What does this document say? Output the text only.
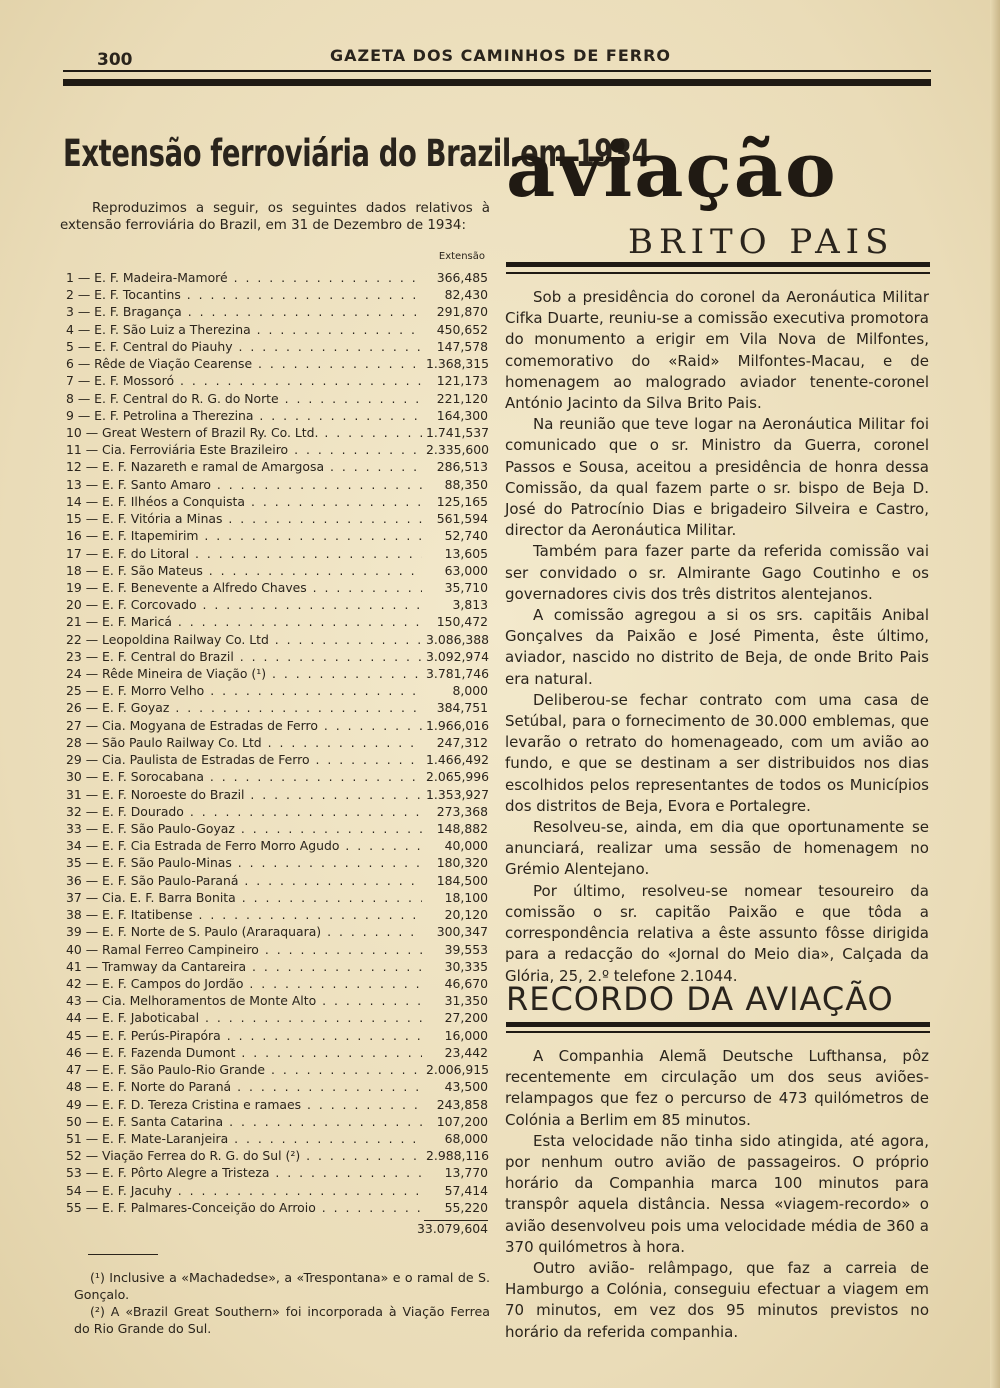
300	GAZETA DOS CAMINHOS DE FERRO
Extensão ferroviária do Brazil em 1934
Reproduzimos a seguir, os seguintes dados relativos à extensão ferroviária do Brazil, em 31 de Dezembro de 1934:
Extensão
1 — E. F. Madeira-Mamoré . . .	366,485
2 — E. F. Tocantins . . .	82,430
3 — E. F. Bragança . . .	291,870
4 — E. F. São Luiz a Therezina . . .	450,652
5 — E. F. Central do Piauhy . . .	147,578
6 — Rêde de Viação Cearense . . .	1.368,315
7 — E. F. Mossoró . . .	121,173
8 — E. F. Central do R. G. do Norte . . .	221,120
9 — E. F. Petrolina a Therezina . . .	164,300
10 — Great Western of Brazil Ry. Co. Ltd. . . .	1.741,537
11 — Cia. Ferroviária Este Brazileiro . . .	2.335,600
12 — E. F. Nazareth e ramal de Amargosa . . .	286,513
13 — E. F. Santo Amaro . . .	88,350
14 — E. F. Ilhéos a Conquista . . .	125,165
15 — E. F. Vitória a Minas . . .	561,594
16 — E. F. Itapemirim . . .	52,740
17 — E. F. do Litoral . . .	13,605
18 — E. F. São Mateus . . .	63,000
19 — E. F. Benevente a Alfredo Chaves . . .	35,710
20 — E. F. Corcovado . . .	3,813
21 — E. F. Maricá . . .	150,472
22 — Leopoldina Railway Co. Ltd . . .	3.086,388
23 — E. F. Central do Brazil . . .	3.092,974
24 — Rêde Mineira de Viação (¹) . . .	3.781,746
25 — E. F. Morro Velho . . .	8,000
26 — E. F. Goyaz . . .	384,751
27 — Cia. Mogyana de Estradas de Ferro . . .	1.966,016
28 — São Paulo Railway Co. Ltd . . .	247,312
29 — Cia. Paulista de Estradas de Ferro . . .	1.466,492
30 — E. F. Sorocabana . . .	2.065,996
31 — E. F. Noroeste do Brazil . . .	1.353,927
32 — E. F. Dourado . . .	273,368
33 — E. F. São Paulo-Goyaz . . .	148,882
34 — E. F. Cia Estrada de Ferro Morro Agudo . . .	40,000
35 — E. F. São Paulo-Minas . . .	180,320
36 — E. F. São Paulo-Paraná . . .	184,500
37 — Cia. E. F. Barra Bonita . . .	18,100
38 — E. F. Itatibense . . .	20,120
39 — E. F. Norte de S. Paulo (Araraquara) . . .	300,347
40 — Ramal Ferreo Campineiro . . .	39,553
41 — Tramway da Cantareira . . .	30,335
42 — E. F. Campos do Jordão . . .	46,670
43 — Cia. Melhoramentos de Monte Alto . . .	31,350
44 — E. F. Jaboticabal . . .	27,200
45 — E. F. Perús-Pirapóra . . .	16,000
46 — E. F. Fazenda Dumont . . .	23,442
47 — E. F. São Paulo-Rio Grande . . .	2.006,915
48 — E. F. Norte do Paraná . . .	43,500
49 — E. F. D. Tereza Cristina e ramaes . . .	243,858
50 — E. F. Santa Catarina . . .	107,200
51 — E. F. Mate-Laranjeira . . .	68,000
52 — Viação Ferrea do R. G. do Sul (²) . . .	2.988,116
53 — E. F. Pôrto Alegre a Tristeza . . .	13,770
54 — E. F. Jacuhy . . .	57,414
55 — E. F. Palmares-Conceição do Arroio . . .	55,220
33.079,604

(¹) Inclusive a «Machadedse», a «Trespontana» e o ramal de S. Gonçalo.

(²) A «Brazil Great Southern» foi incorporada à Viação Ferrea do Rio Grande do Sul.

aviação
BRITO PAIS

Sob a presidência do coronel da Aeronáutica Militar Cifka Duarte, reuniu-se a comissão executiva promotora do monumento a erigir em Vila Nova de Milfontes, comemorativo do «Raid» Milfontes-Macau, e de homenagem ao malogrado aviador tenente-coronel António Jacinto da Silva Brito Pais.

Na reunião que teve logar na Aeronáutica Militar foi comunicado que o sr. Ministro da Guerra, coronel Passos e Sousa, aceitou a presidência de honra dessa Comissão, da qual fazem parte o sr. bispo de Beja D. José do Patrocínio Dias e brigadeiro Silveira e Castro, director da Aeronáutica Militar.

Também para fazer parte da referida comissão vai ser convidado o sr. Almirante Gago Coutinho e os governadores civis dos três distritos alentejanos.

A comissão agregou a si os srs. capitãis Anibal Gonçalves da Paixão e José Pimenta, êste último, aviador, nascido no distrito de Beja, de onde Brito Pais era natural.

Deliberou-se fechar contrato com uma casa de Setúbal, para o fornecimento de 30.000 emblemas, que levarão o retrato do homenageado, com um avião ao fundo, e que se destinam a ser distribuidos nos dias escolhidos pelos representantes de todos os Municípios dos distritos de Beja, Evora e Portalegre.

Resolveu-se, ainda, em dia que oportunamente se anunciará, realizar uma sessão de homenagem no Grémio Alentejano.

Por último, resolveu-se nomear tesoureiro da comissão o sr. capitão Paixão e que tôda a correspondência relativa a êste assunto fôsse dirigida para a redacção do «Jornal do Meio dia», Calçada da Glória, 25, 2.º telefone 2.1044.

RECORDO DA AVIAÇÃO

A Companhia Alemã Deutsche Lufthansa, pôz recentemente em circulação um dos seus aviões-relampagos que fez o percurso de 473 quilómetros de Colónia a Berlim em 85 minutos.

Esta velocidade não tinha sido atingida, até agora, por nenhum outro avião de passageiros. O próprio horário da Companhia marca 100 minutos para transpôr aquela distância. Nessa «viagem-recordo» o avião desenvolveu pois uma velocidade média de 360 a 370 quilómetros à hora.

Outro avião- relâmpago, que faz a carreia de Hamburgo a Colónia, conseguiu efectuar a viagem em 70 minutos, em vez dos 95 minutos previstos no horário da referida companhia.
